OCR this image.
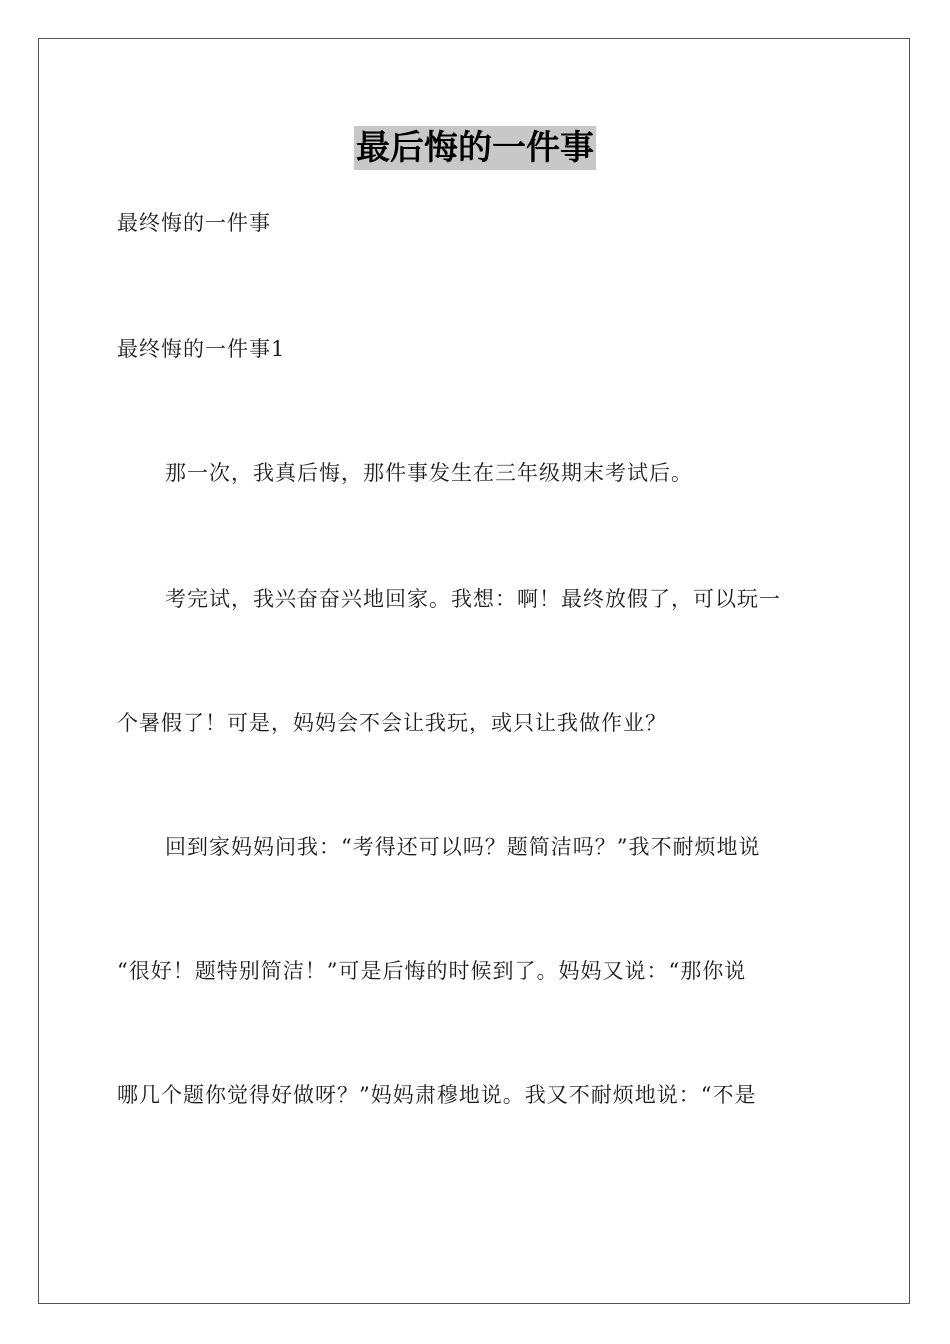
最后悔的一件事
最终悔的一件事
最终悔的一件事1
那一次，我真后悔，那件事发生在三年级期末考试后。
考完试，我兴奋奋兴地回家。我想：啊！最终放假了，可以玩一
个暑假了！可是，妈妈会不会让我玩，或只让我做作业？
回到家妈妈问我：“考得还可以吗？题简洁吗？”我不耐烦地说
“很好！题特别简洁！”可是后悔的时候到了。妈妈又说：“那你说
哪几个题你觉得好做呀？”妈妈肃穆地说。我又不耐烦地说：“不是
